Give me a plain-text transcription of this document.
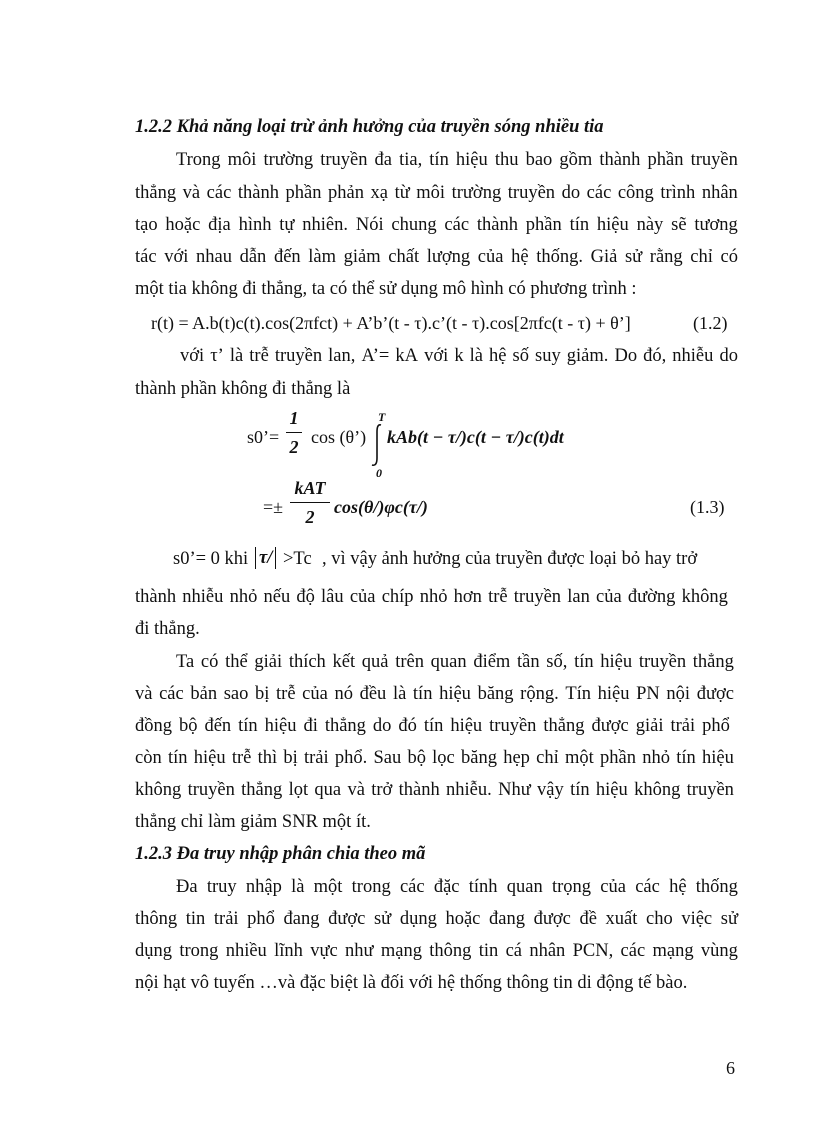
1.2.2 Khả năng loại trừ ảnh hưởng của truyền sóng nhiều tia
Trong môi trường truyền đa tia, tín hiệu thu bao gồm thành phần truyền
thẳng và các thành phần phản xạ từ môi trường truyền do các công trình nhân
tạo hoặc địa hình tự nhiên. Nói chung các thành phần tín hiệu này sẽ tương
tác với nhau dẫn đến làm giảm chất lượng của hệ thống. Giả sử rằng chỉ có
một tia không đi thẳng, ta có thể sử dụng mô hình có phương trình :
r(t) = A.b(t)c(t).cos(2πfct) + A’b’(t - τ).c’(t - τ).cos[2πfc(t - τ) + θ’]	(1.2)
với τ’ là trễ truyền lan, A’= kA với k là hệ số suy giảm. Do đó, nhiễu do
thành phần không đi thẳng là
s0’=
1
2 cos (θ’)
T
0
kAb(t − τ/)c(t − τ/)c(t)dt
=±
kAT
2	cos(θ/)φc(τ/)	(1.3)
s0’= 0 khi τ/ >Tc , vì vậy ảnh hưởng của truyền được loại bỏ hay trở
thành nhiễu nhỏ nếu độ lâu của chíp nhỏ hơn trễ truyền lan của đường không
đi thẳng.
Ta có thể giải thích kết quả trên quan điểm tần số, tín hiệu truyền thẳng
và các bản sao bị trễ của nó đều là tín hiệu băng rộng. Tín hiệu PN nội được
đồng bộ đến tín hiệu đi thẳng do đó tín hiệu truyền thẳng được giải trải phổ
còn tín hiệu trễ thì bị trải phổ. Sau bộ lọc băng hẹp chỉ một phần nhỏ tín hiệu
không truyền thẳng lọt qua và trở thành nhiễu. Như vậy tín hiệu không truyền
thẳng chỉ làm giảm SNR một ít.
1.2.3 Đa truy nhập phân chia theo mã
Đa truy nhập là một trong các đặc tính quan trọng của các hệ thống
thông tin trải phổ đang được sử dụng hoặc đang được đề xuất cho việc sử
dụng trong nhiều lĩnh vực như mạng thông tin cá nhân PCN, các mạng vùng
nội hạt vô tuyến …và đặc biệt là đối với hệ thống thông tin di động tế bào.
6
